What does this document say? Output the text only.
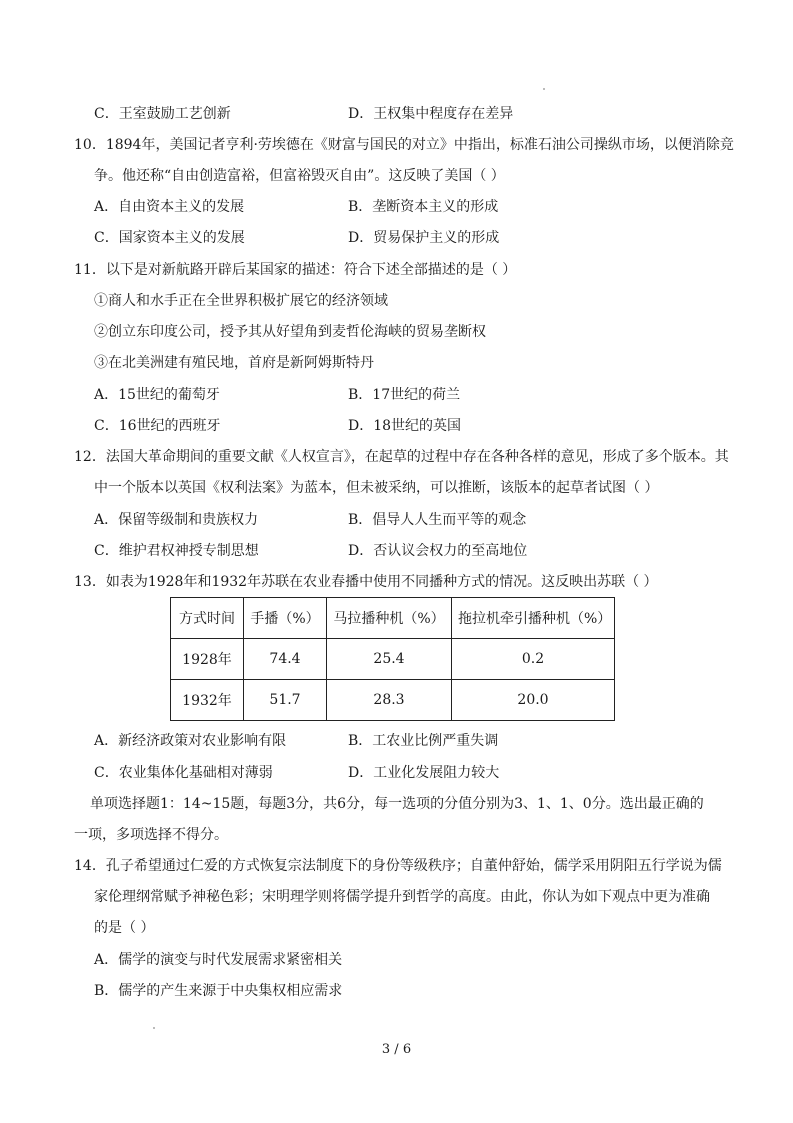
C．王室鼓励工艺创新	D．王权集中程度存在差异
10．1894年，美国记者亨利·劳埃德在《财富与国民的对立》中指出，标准石油公司操纵市场，以便消除竞
争。他还称“自由创造富裕，但富裕毁灭自由”。这反映了美国（ ）
A．自由资本主义的发展	B．垄断资本主义的形成
C．国家资本主义的发展	D．贸易保护主义的形成
11．以下是对新航路开辟后某国家的描述：符合下述全部描述的是（ ）
①商人和水手正在全世界积极扩展它的经济领域
②创立东印度公司，授予其从好望角到麦哲伦海峡的贸易垄断权
③在北美洲建有殖民地，首府是新阿姆斯特丹
A．15世纪的葡萄牙	B．17世纪的荷兰
C．16世纪的西班牙	D．18世纪的英国
12．法国大革命期间的重要文献《人权宣言》，在起草的过程中存在各种各样的意见，形成了多个版本。其
中一个版本以英国《权利法案》为蓝本，但未被采纳，可以推断，该版本的起草者试图（ ）
A．保留等级制和贵族权力	B．倡导人人生而平等的观念
C．维护君权神授专制思想	D．否认议会权力的至高地位
13．如表为1928年和1932年苏联在农业春播中使用不同播种方式的情况。这反映出苏联（ ）
方式时间	手播（%）	马拉播种机（%）	拖拉机牵引播种机（%）
1928年	74.4	25.4	0.2
1932年	51.7	28.3	20.0
A．新经济政策对农业影响有限	B．工农业比例严重失调
C．农业集体化基础相对薄弱	D．工业化发展阻力较大
单项选择题1：14~15题，每题3分，共6分，每一选项的分值分别为3、1、1、0分。选出最正确的
一项，多项选择不得分。
14．孔子希望通过仁爱的方式恢复宗法制度下的身份等级秩序；自董仲舒始，儒学采用阴阳五行学说为儒
家伦理纲常赋予神秘色彩；宋明理学则将儒学提升到哲学的高度。由此，你认为如下观点中更为准确
的是（ ）
A．儒学的演变与时代发展需求紧密相关
B．儒学的产生来源于中央集权相应需求
3 / 6
